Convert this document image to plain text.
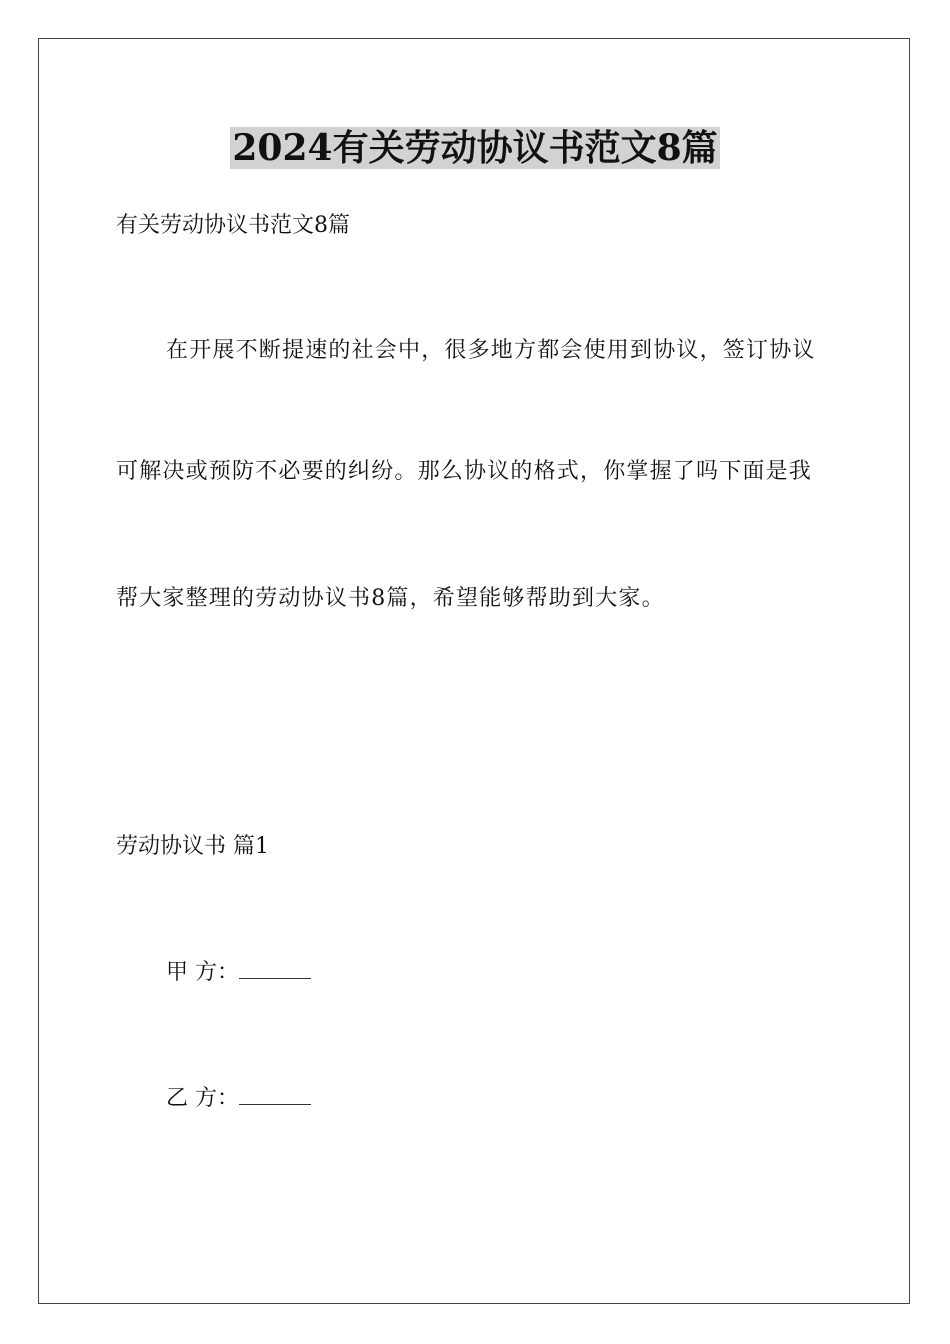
2024有关劳动协议书范文8篇
有关劳动协议书范文8篇
在开展不断提速的社会中，很多地方都会使用到协议，签订协议
可解决或预防不必要的纠纷。那么协议的格式，你掌握了吗下面是我
帮大家整理的劳动协议书8篇，希望能够帮助到大家。
劳动协议书 篇1
甲 方：
乙 方：
